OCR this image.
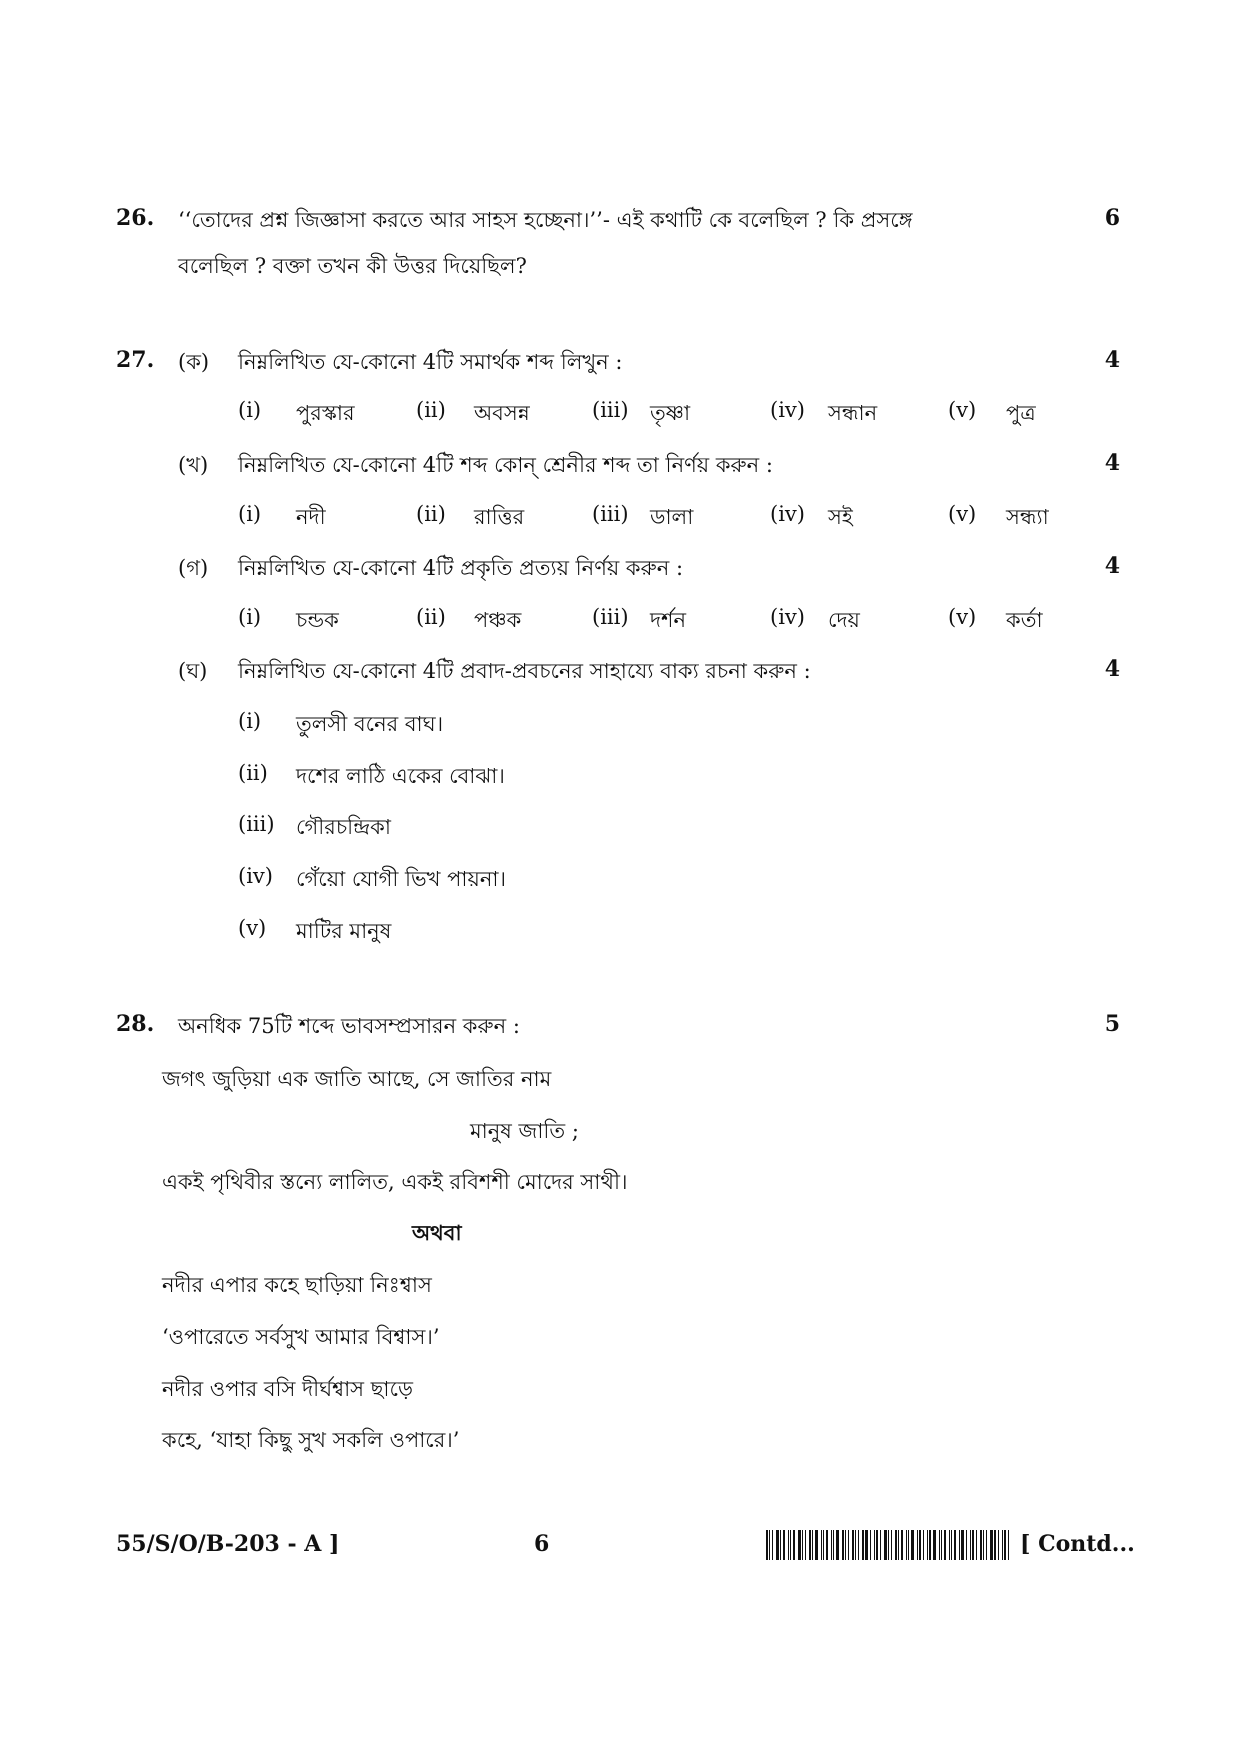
26. ‘‘তোদের প্রশ্ন জিজ্ঞাসা করতে আর সাহস হচ্ছেনা।’’- এই কথাটি কে বলেছিল ? কি প্রসঙ্গে	6
বলেছিল ? বক্তা তখন কী উত্তর দিয়েছিল?
27. (ক) নিম্নলিখিত যে-কোনো 4টি সমার্থক শব্দ লিখুন :	4
(i) পুরস্কার	(ii) অবসন্ন	(iii) তৃষ্ণা	(iv) সন্ধান	(v) পুত্র
(খ) নিম্নলিখিত যে-কোনো 4টি শব্দ কোন্ শ্রেনীর শব্দ তা নির্ণয় করুন :	4
(i) নদী	(ii) রাত্তির	(iii) ডালা	(iv) সই	(v) সন্ধ্যা
(গ) নিম্নলিখিত যে-কোনো 4টি প্রকৃতি প্রত্যয় নির্ণয় করুন :	4
(i) চন্ডক	(ii) পঞ্চক	(iii) দর্শন	(iv) দেয়	(v) কর্তা
(ঘ) নিম্নলিখিত যে-কোনো 4টি প্রবাদ-প্রবচনের সাহায্যে বাক্য রচনা করুন :	4
(i) তুলসী বনের বাঘ।
(ii) দশের লাঠি একের বোঝা।
(iii) গৌরচন্দ্রিকা
(iv) গেঁয়ো যোগী ভিখ পায়না।
(v) মাটির মানুষ
28. অনধিক 75টি শব্দে ভাবসম্প্রসারন করুন :	5
জগৎ জুড়িয়া এক জাতি আছে, সে জাতির নাম
মানুষ জাতি ;
একই পৃথিবীর স্তন্যে লালিত, একই রবিশশী মোদের সাথী।
অথবা
নদীর এপার কহে ছাড়িয়া নিঃশ্বাস
‘ওপারেতে সর্বসুখ আমার বিশ্বাস।’
নদীর ওপার বসি দীর্ঘশ্বাস ছাড়ে
কহে, ‘যাহা কিছু সুখ সকলি ওপারে।’
55/S/O/B-203 - A ]	6	[ Contd...
